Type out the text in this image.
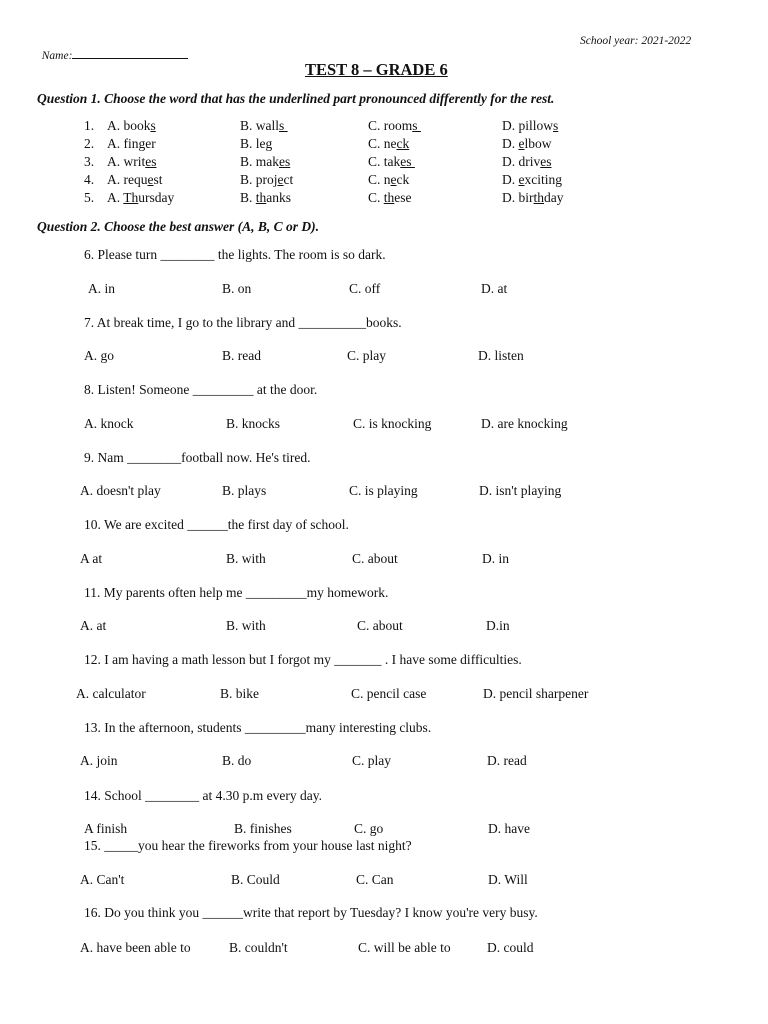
Name:

School year: 2021-2022
TEST 8 – GRADE 6
Question 1. Choose the word that has the underlined part pronounced differently for the rest.
1. A. books	B. walls	C. rooms	D. pillows
2. A. finger	B. leg	C. neck	D. elbow
3. A. writes	B. makes	C. takes	D. drives
4. A. request	B. project	C. neck	D. exciting
5. A. Thursday	B. thanks	C. these	D. birthday
Question 2. Choose the best answer (A, B, C or D).
6. Please turn ________ the lights. The room is so dark.
A. in	B. on	C. off	D. at
7. At break time, I go to the library and __________books.
A. go	B. read	C. play	D. listen
8. Listen! Someone _________ at the door.
A. knock	B. knocks	C. is knocking	D. are knocking
9. Nam ________football now. He's tired.
A. doesn't play	B. plays	C. is playing	D. isn't playing
10. We are excited ______the first day of school.
A at	B. with	C. about	D. in
11. My parents often help me _________my homework.
A. at	B. with	C. about	D.in
12. I am having a math lesson but I forgot my _______ . I have some difficulties.
A. calculator	B. bike	C. pencil case	D. pencil sharpener
13. In the afternoon, students _________many interesting clubs.
A. join	B. do	C. play	D. read
14. School ________ at 4.30 p.m every day.
A finish	B. finishes	C. go	D. have
15. _____you hear the fireworks from your house last night?
A. Can't	B. Could	C. Can	D. Will
16. Do you think you ______write that report by Tuesday? I know you're very busy.
A. have been able to	B. couldn't	C. will be able to	D. could
